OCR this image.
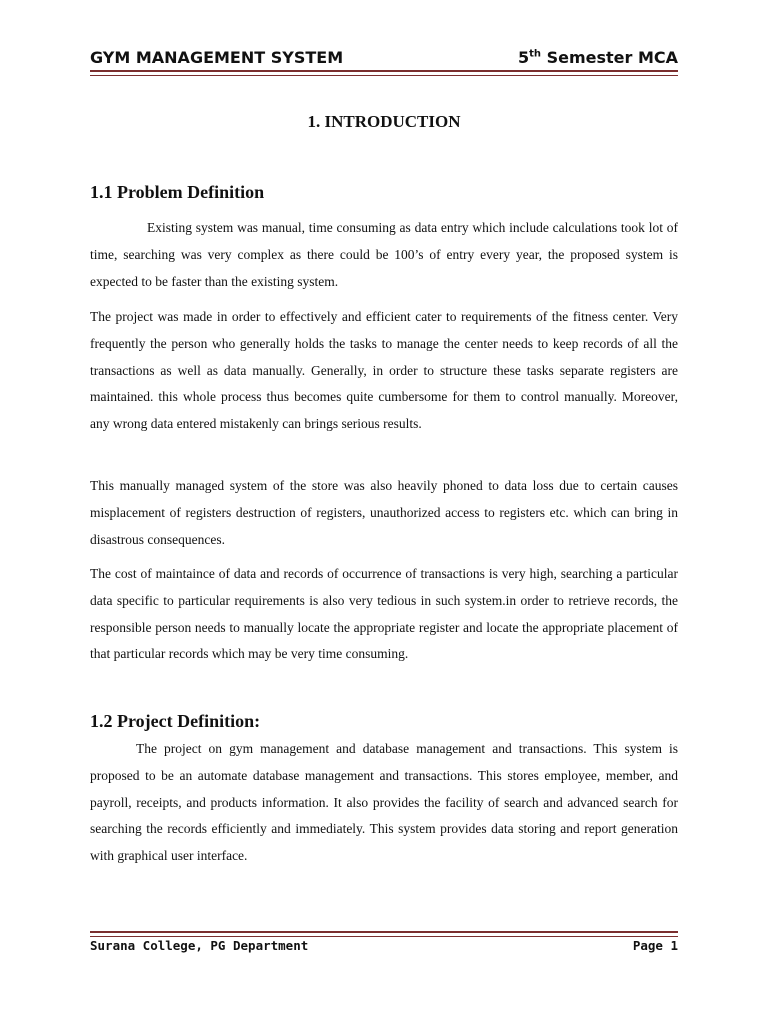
GYM MANAGEMENT SYSTEM	5th Semester MCA
1. INTRODUCTION
1.1 Problem Definition

Existing system was manual, time consuming as data entry which include calculations took lot of time, searching was very complex as there could be 100’s of entry every year, the proposed system is expected to be faster than the existing system.

The project was made in order to effectively and efficient cater to requirements of the fitness center. Very frequently the person who generally holds the tasks to manage the center needs to keep records of all the transactions as well as data manually. Generally, in order to structure these tasks separate registers are maintained. this whole process thus becomes quite cumbersome for them to control manually. Moreover, any wrong data entered mistakenly can brings serious results.

This manually managed system of the store was also heavily phoned to data loss due to certain causes misplacement of registers destruction of registers, unauthorized access to registers etc. which can bring in disastrous consequences.

The cost of maintaince of data and records of occurrence of transactions is very high, searching a particular data specific to particular requirements is also very tedious in such system.in order to retrieve records, the responsible person needs to manually locate the appropriate register and locate the appropriate placement of that particular records which may be very time consuming.

1.2 Project Definition:

The project on gym management and database management and transactions. This system is proposed to be an automate database management and transactions. This stores employee, member, and payroll, receipts, and products information. It also provides the facility of search and advanced search for searching the records efficiently and immediately. This system provides data storing and report generation with graphical user interface.

Surana College, PG Department	Page 1
